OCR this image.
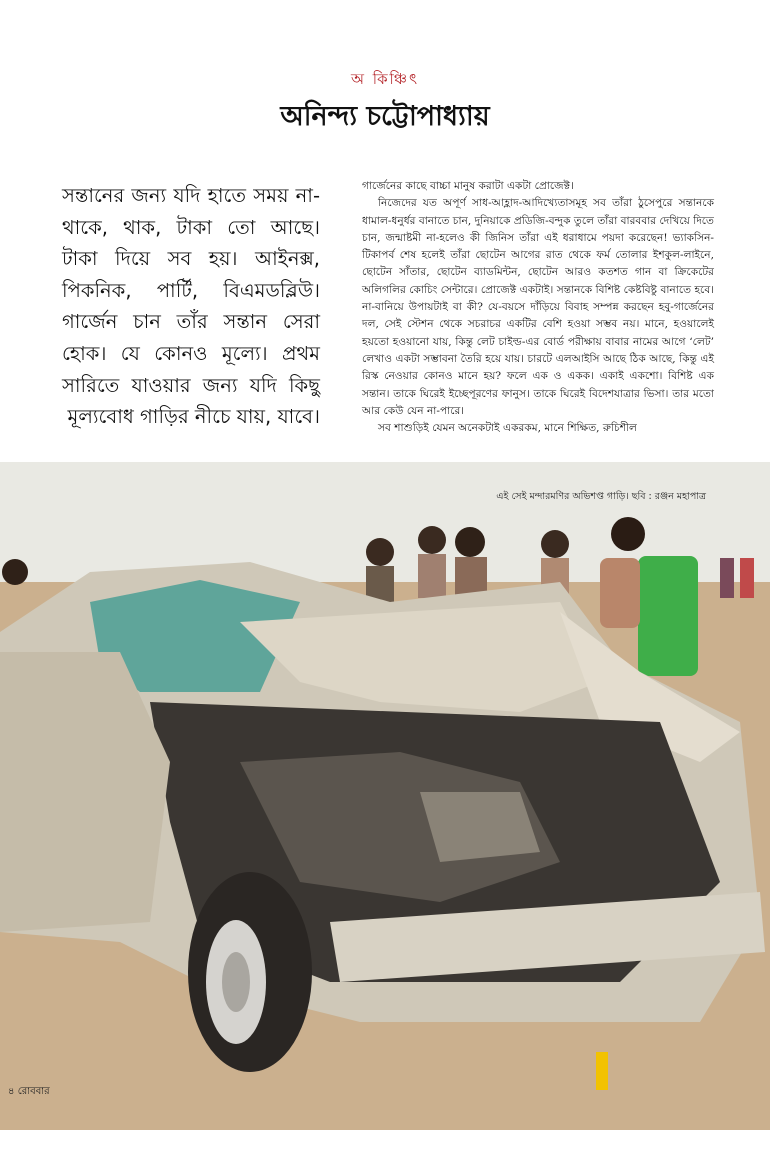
অ কিঞ্চিৎ
অনিন্দ্য চট্টোপাধ্যায়
সন্তানের জন্য যদি হাতে সময় না-থাকে, থাক, টাকা তো আছে। টাকা দিয়ে সব হয়। আইনক্স, পিকনিক, পার্টি, বিএমডব্লিউ। গার্জেন চান তাঁর সন্তান সেরা হোক। যে কোনও মূল্যে। প্রথম সারিতে যাওয়ার জন্য যদি কিছু মূল্যবোধ গাড়ির নীচে যায়, যাবে।

গার্জেনের কাছে বাচ্চা মানুষ করাটা একটা প্রোজেক্ট।

নিজেদের যত অপূর্ণ সাধ-আহ্লাদ-আদিখ্যেতাসমূহ সব তাঁরা ঠুসেপুরে সন্তানকে ধামাল-ধনুর্ধর বানাতে চান, দুনিয়াকে প্রডিজি-বন্দুক তুলে তাঁরা বারববার দেখিয়ে দিতে চান, জন্মাষ্টমী না-হলেও কী জিনিস তাঁরা এই ধরাধামে পয়দা করেছেন! ভ্যাকসিন-টিকাপর্ব শেষ হলেই তাঁরা ছোটেন আগের রাত থেকে ফর্ম তোলার ইশকুল-লাইনে, ছোটেন সাঁতার, ছোটেন ব্যাডমিন্টন, ছোটেন আরও কতশত গান বা ক্রিকেটের অলিগলির কোচিং সেন্টারে। প্রোজেক্ট একটাই। সন্তানকে বিশিষ্ট কেষ্টবিষ্টু বানাতে হবে। না-বানিয়ে উপায়টাই বা কী? যে-বয়সে দাঁড়িয়ে বিবাহ সম্পন্ন করছেন হবু-গার্জেনের দল, সেই স্টেশন থেকে সচরাচর একটির বেশি হওয়া সম্ভব নয়। মানে, হওয়ালেই হয়তো হওয়ানো যায়, কিন্তু লেট চাইল্ড-এর বোর্ড পরীক্ষায় বাবার নামের আগে ‘লেট’ লেখাও একটা সম্ভাবনা তৈরি হয়ে যায়। চারটে এলআইসি আছে ঠিক আছে, কিন্তু এই রিস্ক নেওয়ার কোনও মানে হয়? ফলে এক ও একক। একাই একশো। বিশিষ্ট এক সন্তান। তাকে ঘিরেই ইচ্ছেপূরণের ফানুস। তাকে ঘিরেই বিদেশযাত্রার ভিসা। তার মতো আর কেউ যেন না-পারে।

সব শাশুড়িই যেমন অনেকটাই একরকম, মানে শিক্ষিত, রুচিশীল

এই সেই মন্দারমণির অভিশপ্ত গাড়ি। ছবি : রঞ্জন মহাপাত্র
৪ রোববার
